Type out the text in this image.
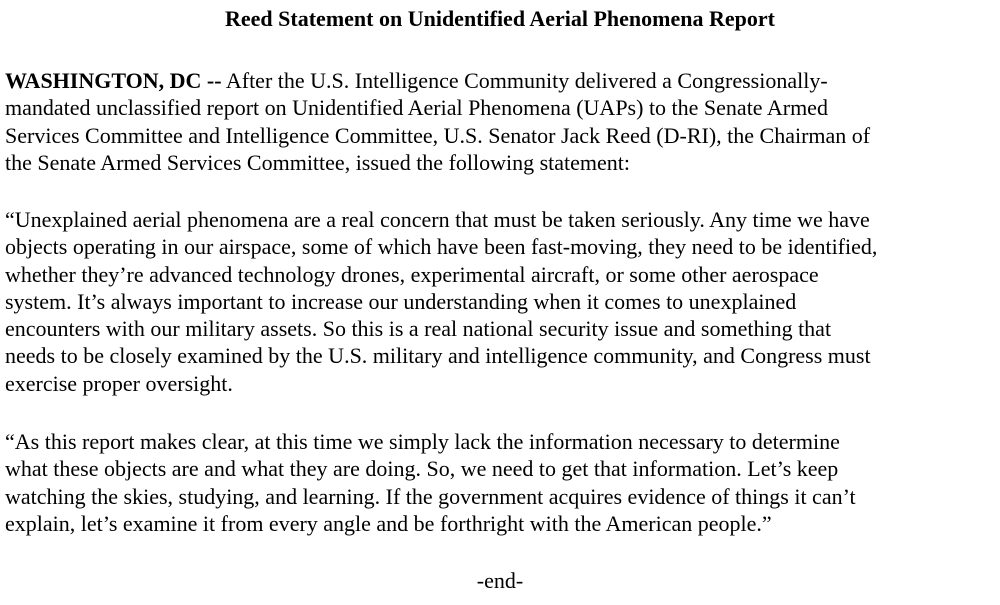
Reed Statement on Unidentified Aerial Phenomena Report

WASHINGTON, DC -- After the U.S. Intelligence Community delivered a Congressionally-
mandated unclassified report on Unidentified Aerial Phenomena (UAPs) to the Senate Armed
Services Committee and Intelligence Committee, U.S. Senator Jack Reed (D-RI), the Chairman of
the Senate Armed Services Committee, issued the following statement:

“Unexplained aerial phenomena are a real concern that must be taken seriously. Any time we have
objects operating in our airspace, some of which have been fast-moving, they need to be identified,
whether they’re advanced technology drones, experimental aircraft, or some other aerospace
system. It’s always important to increase our understanding when it comes to unexplained
encounters with our military assets. So this is a real national security issue and something that
needs to be closely examined by the U.S. military and intelligence community, and Congress must
exercise proper oversight.

“As this report makes clear, at this time we simply lack the information necessary to determine
what these objects are and what they are doing. So, we need to get that information. Let’s keep
watching the skies, studying, and learning. If the government acquires evidence of things it can’t
explain, let’s examine it from every angle and be forthright with the American people.”

-end-
